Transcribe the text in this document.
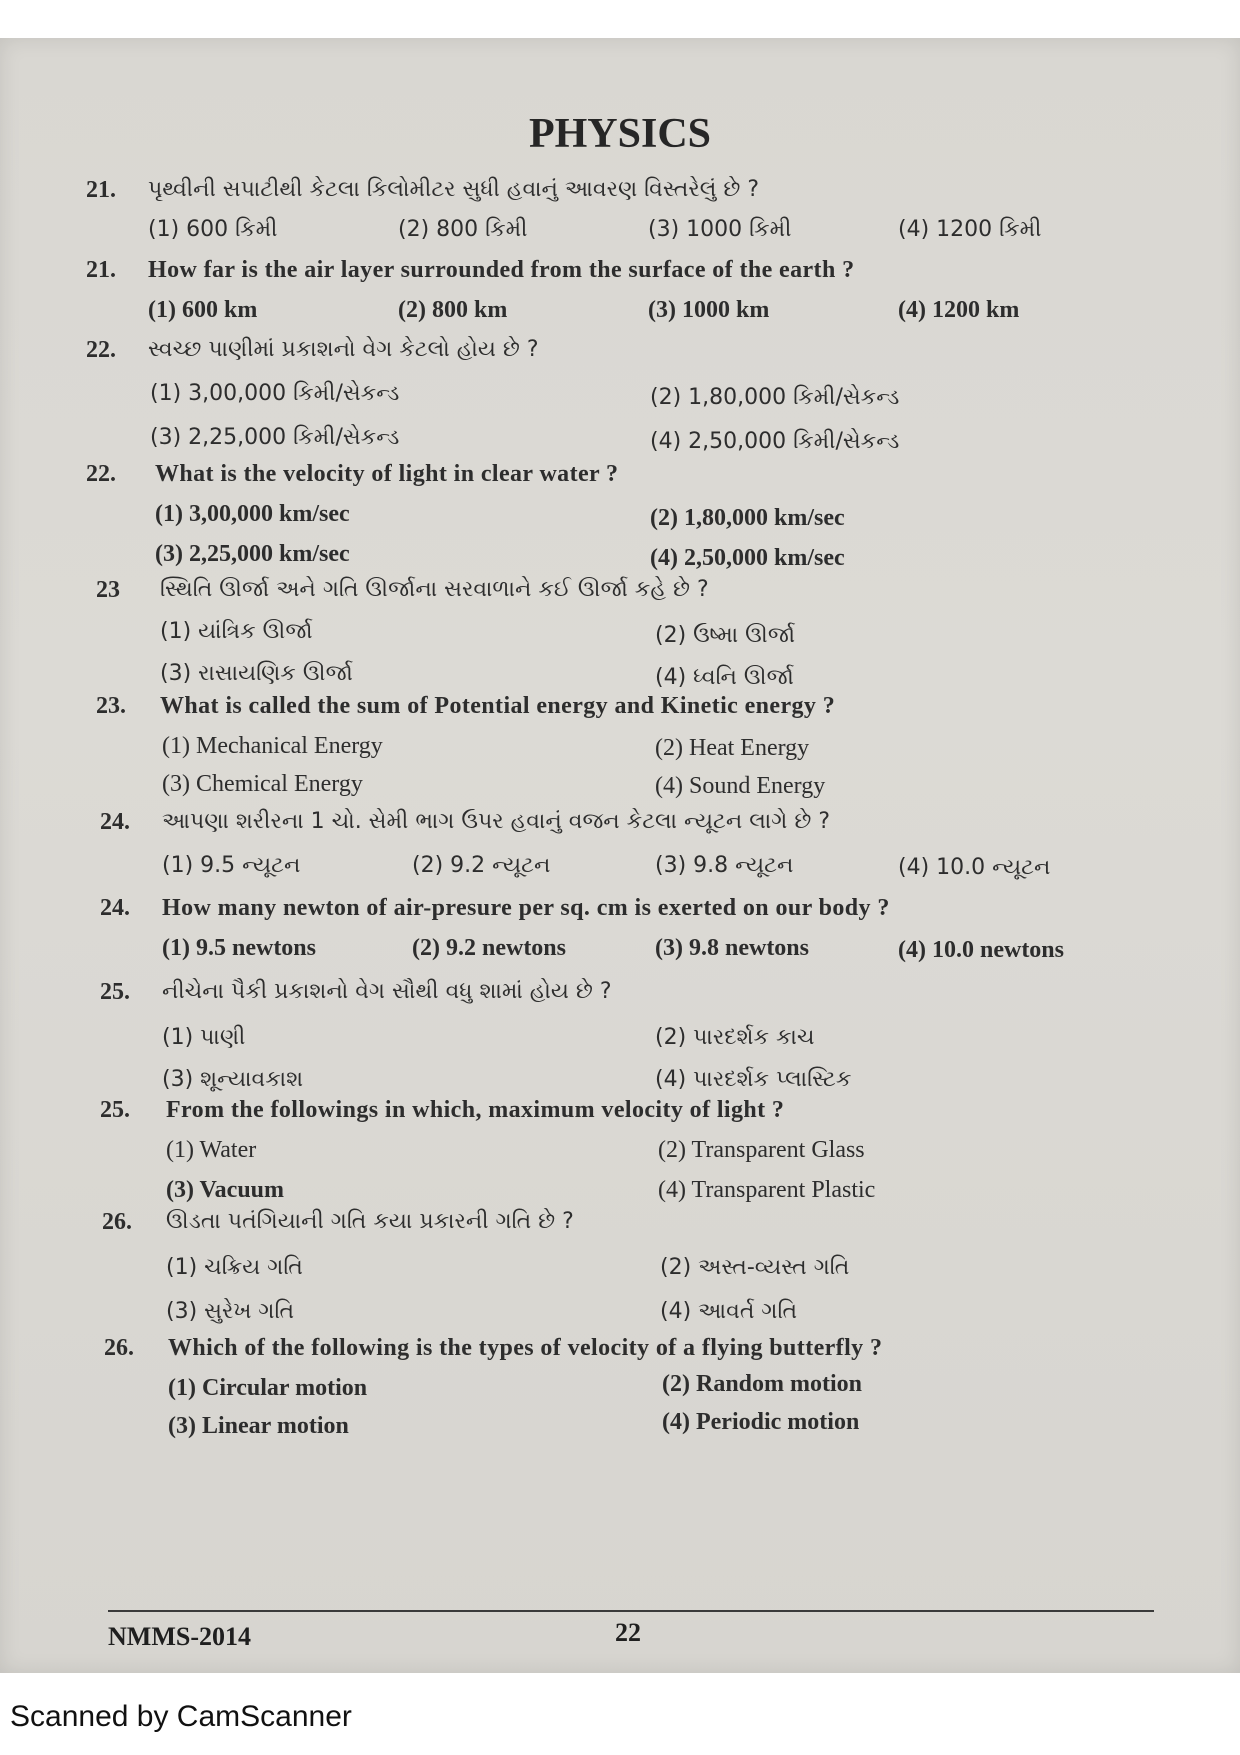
PHYSICS
21. પૃથ્વીની સપાટીથી કેટલા કિલોમીટર સુધી હવાનું આવરણ વિસ્તરેલું છે ?
(1) 600 કિમી	(2) 800 કિમી	(3) 1000 કિમી	(4) 1200 કિમી
21. How far is the air layer surrounded from the surface of the earth ?
(1) 600 km	(2) 800 km	(3) 1000 km	(4) 1200 km
22. સ્વચ્છ પાણીમાં પ્રકાશનો વેગ કેટલો હોય છે ?
(1) 3,00,000 કિમી/સેકન્ડ	(2) 1,80,000 કિમી/સેકન્ડ
(3) 2,25,000 કિમી/સેકન્ડ	(4) 2,50,000 કિમી/સેકન્ડ
22. What is the velocity of light in clear water ?
(1) 3,00,000 km/sec	(2) 1,80,000 km/sec
(3) 2,25,000 km/sec	(4) 2,50,000 km/sec
23 સ્થિતિ ઊર્જા અને ગતિ ઊર્જાના સરવાળાને કઈ ઊર્જા કહે છે ?
(1) યાંત્રિક ઊર્જા	(2) ઉષ્મા ઊર્જા
(3) રાસાયણિક ઊર્જા	(4) ધ્વનિ ઊર્જા
23. What is called the sum of Potential energy and Kinetic energy ?
(1) Mechanical Energy	(2) Heat Energy
(3) Chemical Energy	(4) Sound Energy
24. આપણા શરીરના 1 ચો. સેમી ભાગ ઉપર હવાનું વજન કેટલા ન્યૂટન લાગે છે ?
(1) 9.5 ન્યૂટન	(2) 9.2 ન્યૂટન	(3) 9.8 ન્યૂટન	(4) 10.0 ન્યૂટન
24. How many newton of air-presure per sq. cm is exerted on our body ?
(1) 9.5 newtons	(2) 9.2 newtons	(3) 9.8 newtons	(4) 10.0 newtons
25. નીચેના પૈકી પ્રકાશનો વેગ સૌથી વધુ શામાં હોય છે ?
(1) પાણી	(2) પારદર્શક કાચ
(3) શૂન્યાવકાશ	(4) પારદર્શક પ્લાસ્ટિક
25. From the followings in which, maximum velocity of light ?
(1) Water	(2) Transparent Glass
(3) Vacuum	(4) Transparent Plastic
26. ઊડતા પતંગિયાની ગતિ કયા પ્રકારની ગતિ છે ?
(1) ચક્રિય ગતિ	(2) અસ્ત-વ્યસ્ત ગતિ
(3) સુરેખ ગતિ	(4) આવર્ત ગતિ
26. Which of the following is the types of velocity of a flying butterfly ?
(1) Circular motion	(2) Random motion
(3) Linear motion	(4) Periodic motion
NMMS-2014	22
Scanned by CamScanner
